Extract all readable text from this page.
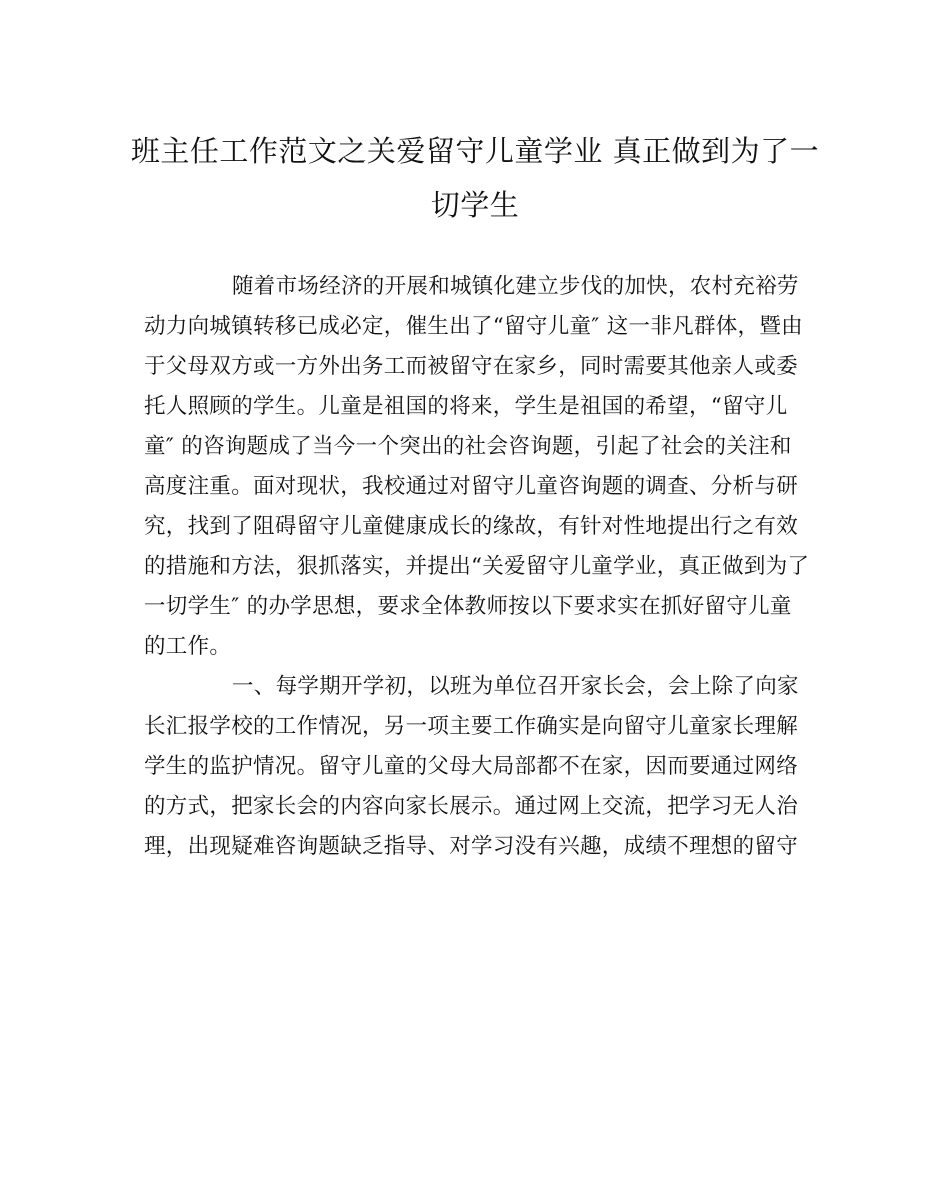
班主任工作范文之关爱留守儿童学业 真正做到为了一
切学生
随着市场经济的开展和城镇化建立步伐的加快，农村充裕劳
动力向城镇转移已成必定，催生出了“留守儿童″ 这一非凡群体，暨由
于父母双方或一方外出务工而被留守在家乡，同时需要其他亲人或委
托人照顾的学生。儿童是祖国的将来，学生是祖国的希望，“留守儿
童″ 的咨询题成了当今一个突出的社会咨询题，引起了社会的关注和
高度注重。面对现状，我校通过对留守儿童咨询题的调查、分析与研
究，找到了阻碍留守儿童健康成长的缘故，有针对性地提出行之有效
的措施和方法，狠抓落实，并提出“关爱留守儿童学业，真正做到为了
一切学生″ 的办学思想，要求全体教师按以下要求实在抓好留守儿童
的工作。
一、每学期开学初，以班为单位召开家长会，会上除了向家
长汇报学校的工作情况，另一项主要工作确实是向留守儿童家长理解
学生的监护情况。留守儿童的父母大局部都不在家，因而要通过网络
的方式，把家长会的内容向家长展示。通过网上交流，把学习无人治
理，出现疑难咨询题缺乏指导、对学习没有兴趣，成绩不理想的留守
